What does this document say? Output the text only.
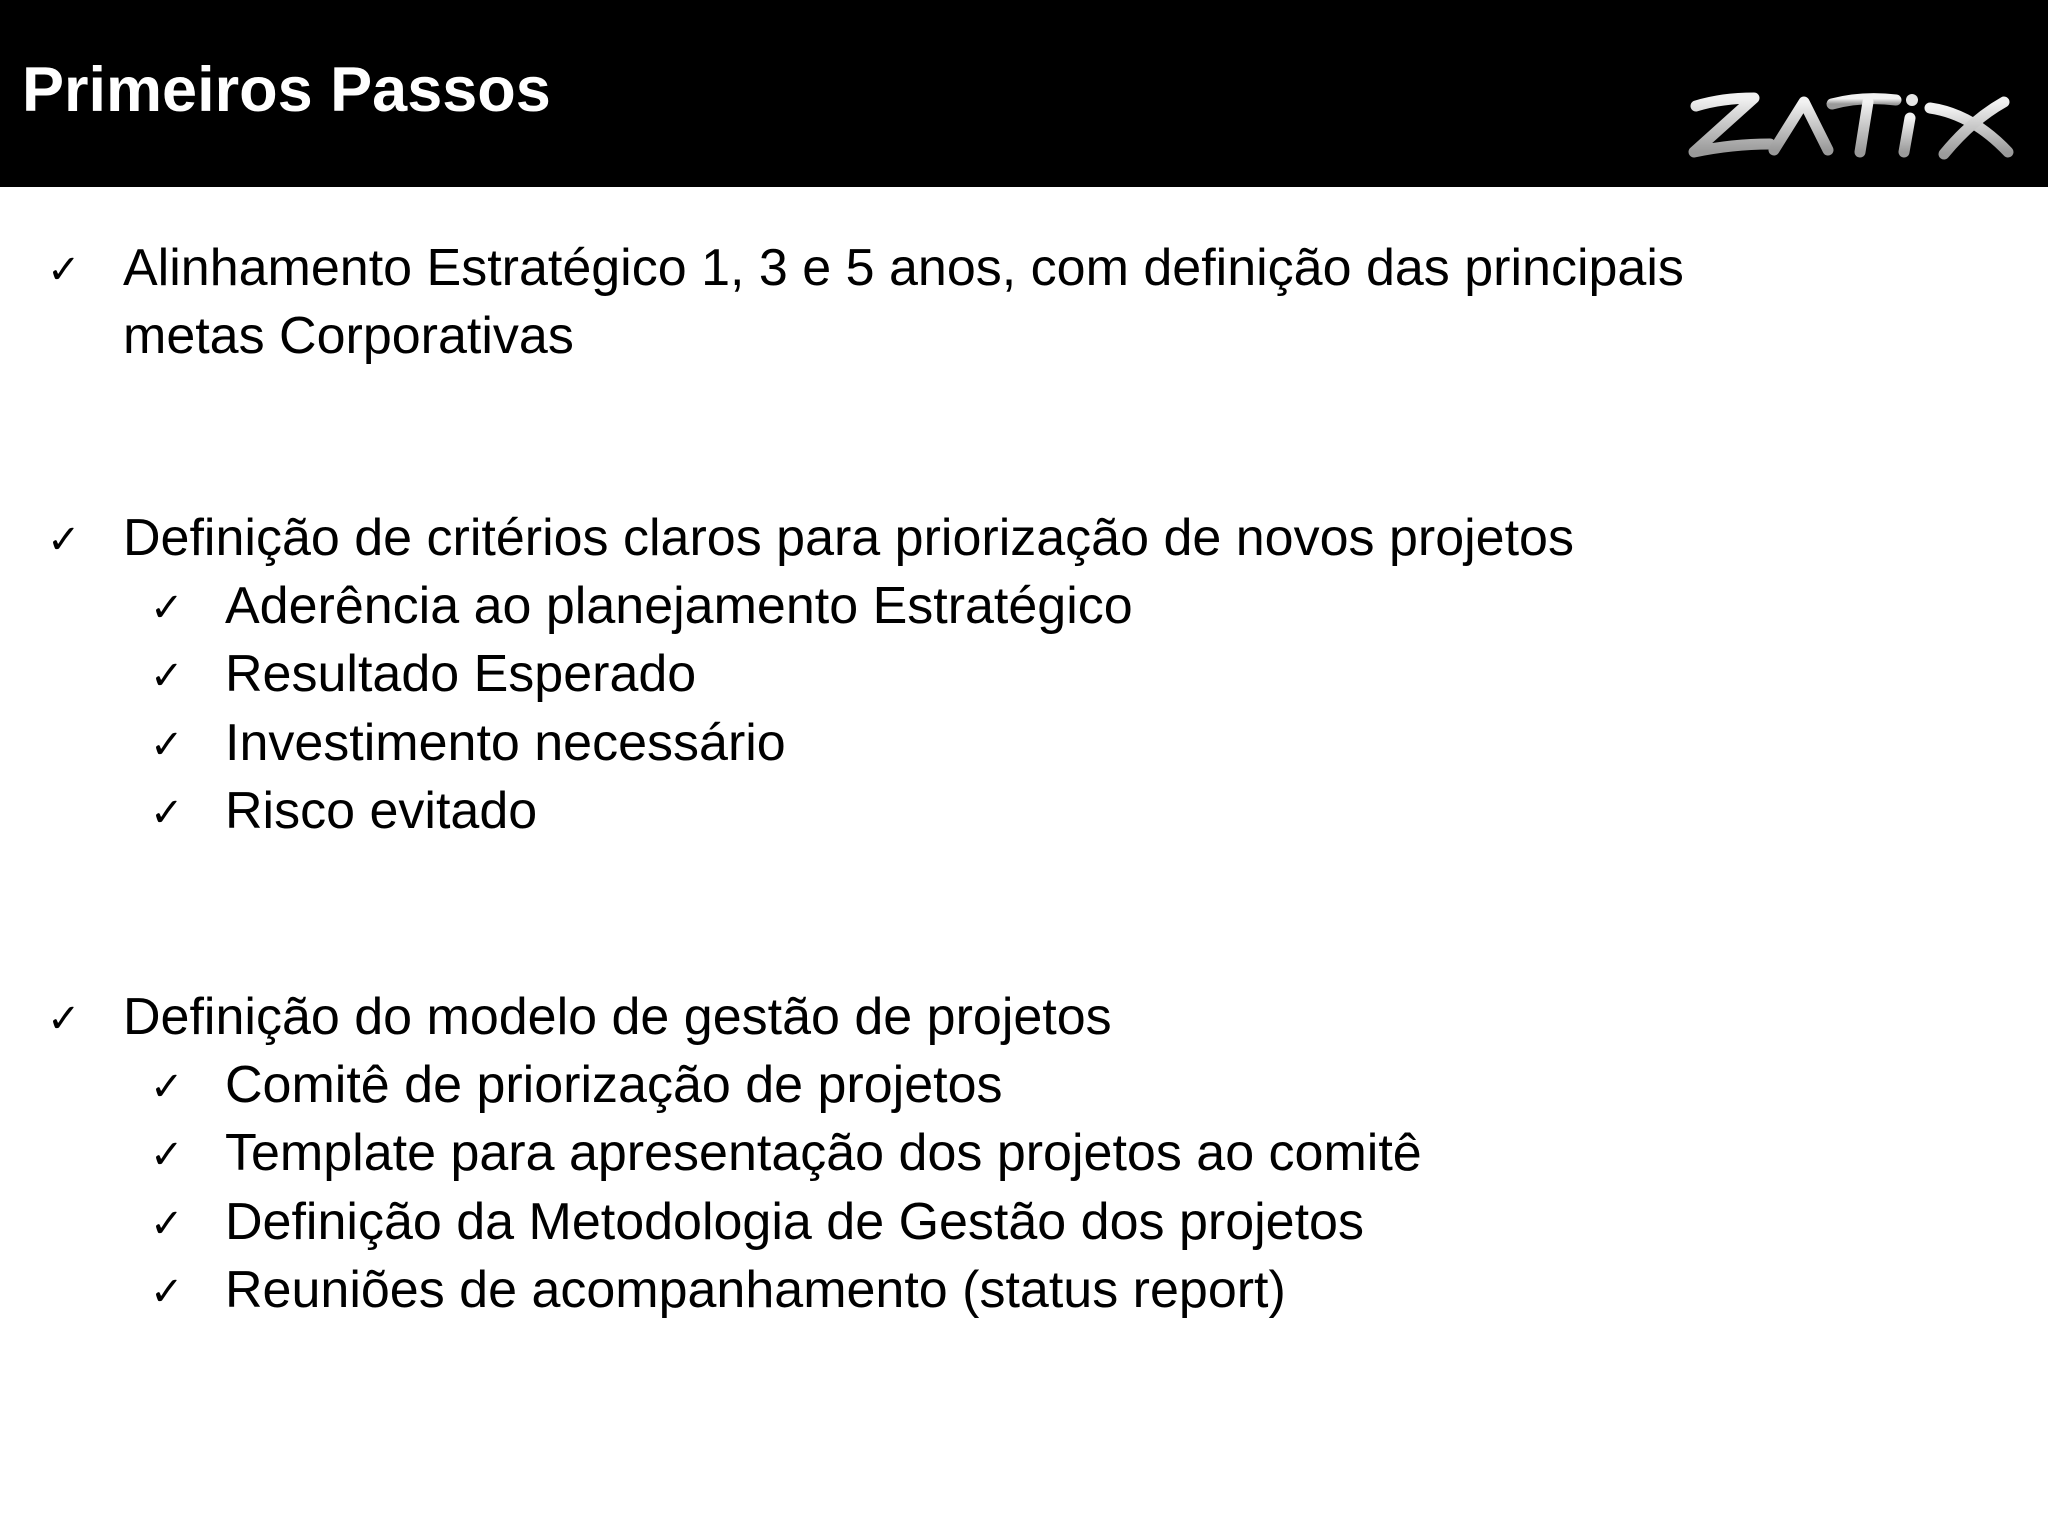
Primeiros Passos
✓ Alinhamento Estratégico 1, 3 e 5 anos, com definição das principais
metas Corporativas
✓ Definição de critérios claros para priorização de novos projetos
✓ Aderência ao planejamento Estratégico
✓ Resultado Esperado
✓ Investimento necessário
✓ Risco evitado
✓ Definição do modelo de gestão de projetos
✓ Comitê de priorização de projetos
✓ Template para apresentação dos projetos ao comitê
✓ Definição da Metodologia de Gestão dos projetos
✓ Reuniões de acompanhamento (status report)
